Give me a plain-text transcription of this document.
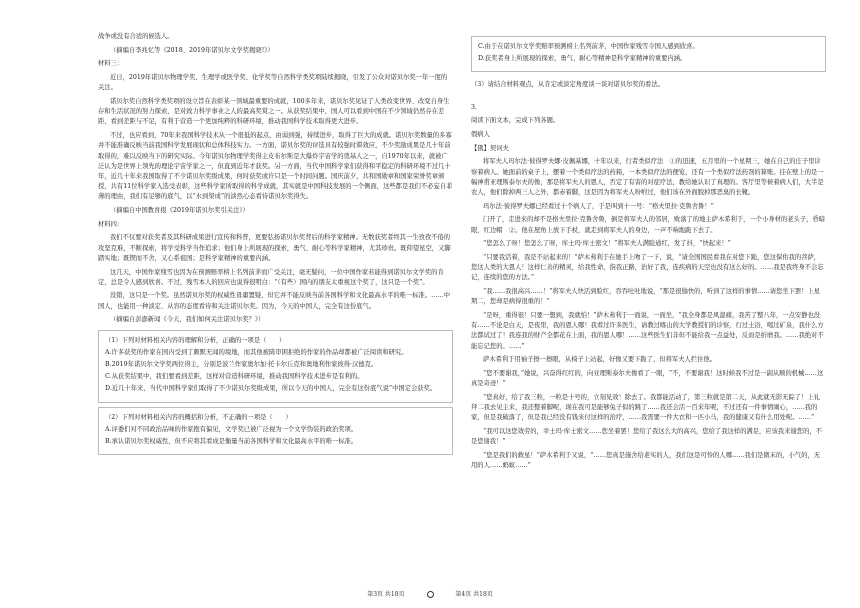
战争或没有合适的候选人。

（摘编自李兆忆等《2018、2019年诺贝尔文学奖揭晓!》）

材料三：

近日，2019年诺贝尔物理学奖、生理学或医学奖、化学奖等自然科学类奖项陆续揭晓，引发了公众对诺贝尔奖一年一度的关注。

诺贝尔奖自然科学类奖项的设立旨在表彰某一领域最重要的成就，100多年来，诺贝尔奖见证了人类改变世界、改变自身生存和生活状况的努力探索，是对致力科学事业之人的最高奖赏之一。从获奖结果中，国人可以看到中国在不少领域仍然存在差距，看到差距与不足，有利于营造一个更加纯粹的科研环境，推动我国科学技术取得更大进步。

不过，也应看到，70年来我国科学技术从一个很低的起点，由弱到强，持续进步，取得了巨大的成就。诺贝尔奖数量的多寡并不能准确反映当前我国科学发展现状和总体科技实力。一方面，诺贝尔奖的评选具有较强时滞效应，不少奖励成果是几十年前取得的，难以反映当下的研究实际。今年诺贝尔物理学奖得主皮布尔斯是大爆炸宇宙学的奠基人之一，自1970年以来，就被广泛认为是世界上领先的理论宇宙学家之一，但直到近年才获奖。另一方面，当代中国科学家们获得和平稳定的科研环境不过几十年，近几十年来我国取得了不少诺贝尔奖级成果，何时获奖或许只是一个时间问题。国庆前夕，共和国勋章和国家荣誉奖章颁授，共有11位科学家入选受表彰，这些科学家所取得的科学成就，其实就是中国科技发展的一个侧面，这些都是我们不必妄自菲薄的理由，我们有足够的底气，以“水到渠成”的淡然心态看待诺贝尔奖得失。

（摘编自中国教育报《2019年诺贝尔奖引关注》）

材料四：

我们不仅要对获奖者及其科研成果进行宣传和科普，更要弘扬诺贝尔奖背后的科学家精神。无数获奖者终其一生孜孜不倦的攻坚克难，不断探索，将学受科学当作追求；他们身上所展现的探索，勇气、耐心等科学家精神，尤其珍贵。既仰望星空，又脚踏实地；既锲而不舍，又心系祖国；是科学家精神的重要内涵。

这几天，中国作家残雪也因为在预测赔率榜上名列前茅而广受关注，毫无疑问，一位中国作家若能得到诺贝尔文学奖的肯定，总是令人感到欣喜。不过，残雪本人的回应也说得很明白：“（有些）国内的朋友太重视这个奖了，这只是一个奖”。

没错，这只是一个奖。虽然诺贝尔奖的权威性毋庸置疑，但它并不能反映当前各国科学和文化最高水平的唯一标准。……中国人，也能用一种淡定、从容的态度看待和关注诺贝尔奖。因为，今天的中国人，完全有这份底气。

（摘编自彭澎新闻《今天，我们如何关注诺贝尔奖？》）

（1）下列对材料相关内容的理解和分析，正确的一项是（　　）
A.许多获奖的作家在国内受到了颇默无闻的境地，而其他被陈审困拒绝的作家的作品却都被广泛阅读和研究。
B.2019年诺贝尔文学奖两位得主，分别是波兰作家奥尔加·托卡尔丘克和奥地利作家彼得·汉德克。
C.从获奖结果中，我们要看到差距，这样对营造科研环境，推动我国科学技术进步是有利的。
D.近几十年来，当代中国科学家们取得了不少诺贝尔奖级成果，所以今天的中国人，完全有这份底气说”中国定会获奖。
（2）下列对材料相关内容的概括和分析，不正确的一项是（　　）
A.评委们对不同政治品味的作家抱有偏见，文学奖已被广泛视为一个文学伪装的政治奖项。
B.承认诺贝尔奖权威性，但不应将其看成是衡量当前各国科学和文化最高水平的唯一标准。
C.由于在诺贝尔文学奖赔率预测榜上名列前茅，中国作家残雪令国人感到欣喜。
D.获奖者身上所展现的探索，勇气、耐心等精神是科学家精神的重要内涵。

（3）请结合材料观点，从肯定或淡定角度谈一谈对诺贝尔奖的看法。

3．

阅读下面文本，完成下列各题。

假病人

【俄】契诃夫

将军夫人玛尔法·彼得罗夫娜·皮佩基娜，十年以来，行者类似疗法　①的迅速，五月里的一个星期三，她在自己的庄子里诊察着病人。她面前的桌子上，摆着一个类似疗法的药箱，一本类似疗法的便览，还有一个类似疗法药剂的算账。挂在壁上的是一幅神甫亚理斯泰尔夫的像，那是将军夫人的恩人，否定了有害的对症疗法，教给她认识了真理的。客厅里等候着病人们，大半是农人，他们除掉两三人之外，都赤着脚，这是因为将军夫人吩咐过，他们该在外面脱掉那恶臭的长靴。

玛尔法·彼得罗夫娜已经看过十个病人了，于是叫到十一号：“格夫里拉·克鲁舍鲁！”

门开了，走进来的却不是格夫里拉·克鲁舍鲁，倒是将军夫人的邻居，败落了的地主萨木希利于，一个小身材的老头子，昏暗眼，红边帽　②。他在屋角上放下手杖，就走到将军夫人的身边，一声不响地跪下去了。

“您怎么了呀！您怎么了呀，库士玛·库士密文！”将军夫人满脸通红，发了抖，“快起来！”

“只要我活着，我是不站起来的！”萨木弗利于在她手上吻了一下，说，“请全国国民看我在对您下跪，您这保佑我的菩萨，您这人类的大恩人！这样仁善的精灵，给我性命，指我正路，治好了我，连疾病的天空也没有这么好的。……我是我终身不会忘记，连续的您的方法。”

“我……我很高兴……！”将军夫人快活到脸红，吞吞吐吐地说，“那是很愉快的，听到了这样的事情……请您坐下罢！上星期二，您却是病得很重的！”

“是呀，重得很！只要一想到，我就怕！”萨木弗利于一面说，一面坐，“我全身都是风湿痛，我苦了整八年，一点安静也没有……不论是白天，是夜里，我的恩人哪！我看过许多医生，请教过喀山的大学教授们的诊察，行过土浴，喝过矿泉，我什么方法都试过了！我连我的财产全都花在上面，我的恩人哪！……这些医生们非但不能给我一点益处，反而是折磨我。……我绝对不能忘记您的。……”

萨木希利于用袖子擦一擦眼，从椅子上站起，好像又要下跪了，但将军夫人拦住他。

“您不要谢我，”她说，兴奋得红红的，向亚理斯泰尔夫像看了一眼，“不，不要谢我！这时候我不过是一副从顺的机械……这真是奇迹！”

“您真好，给了我三粒，一粒是十号的，立刻见效！除去了。我都能活动了，第三粒就是第二天，从此就无影无踪了！上礼拜二我去见主来，我还整着脚呢，现在我可是能够兔子似的跳了……我还会活一百来年呢，不过还有一件事情闹心，……我的家，但是我破落了，但是我已经没有钱来付这样的治疗，……我需要一件大衣和一匹小马，我的健康又有什么用处呢。……”

“我可以这您效劳的，幸士玛·库士密文……您坐着罢！您给了我这么大的高兴，您给了我这样的满足，应该我来谢您的，不是您谢我！”

“您是我们的救星！”萨木希利于又说，“……您真是施舍给老实的人，我们这是可怜的人哪……我们是微末的，小气的，无用的人……蚂蚁……”

第3页 共18页	第4页 共18页
